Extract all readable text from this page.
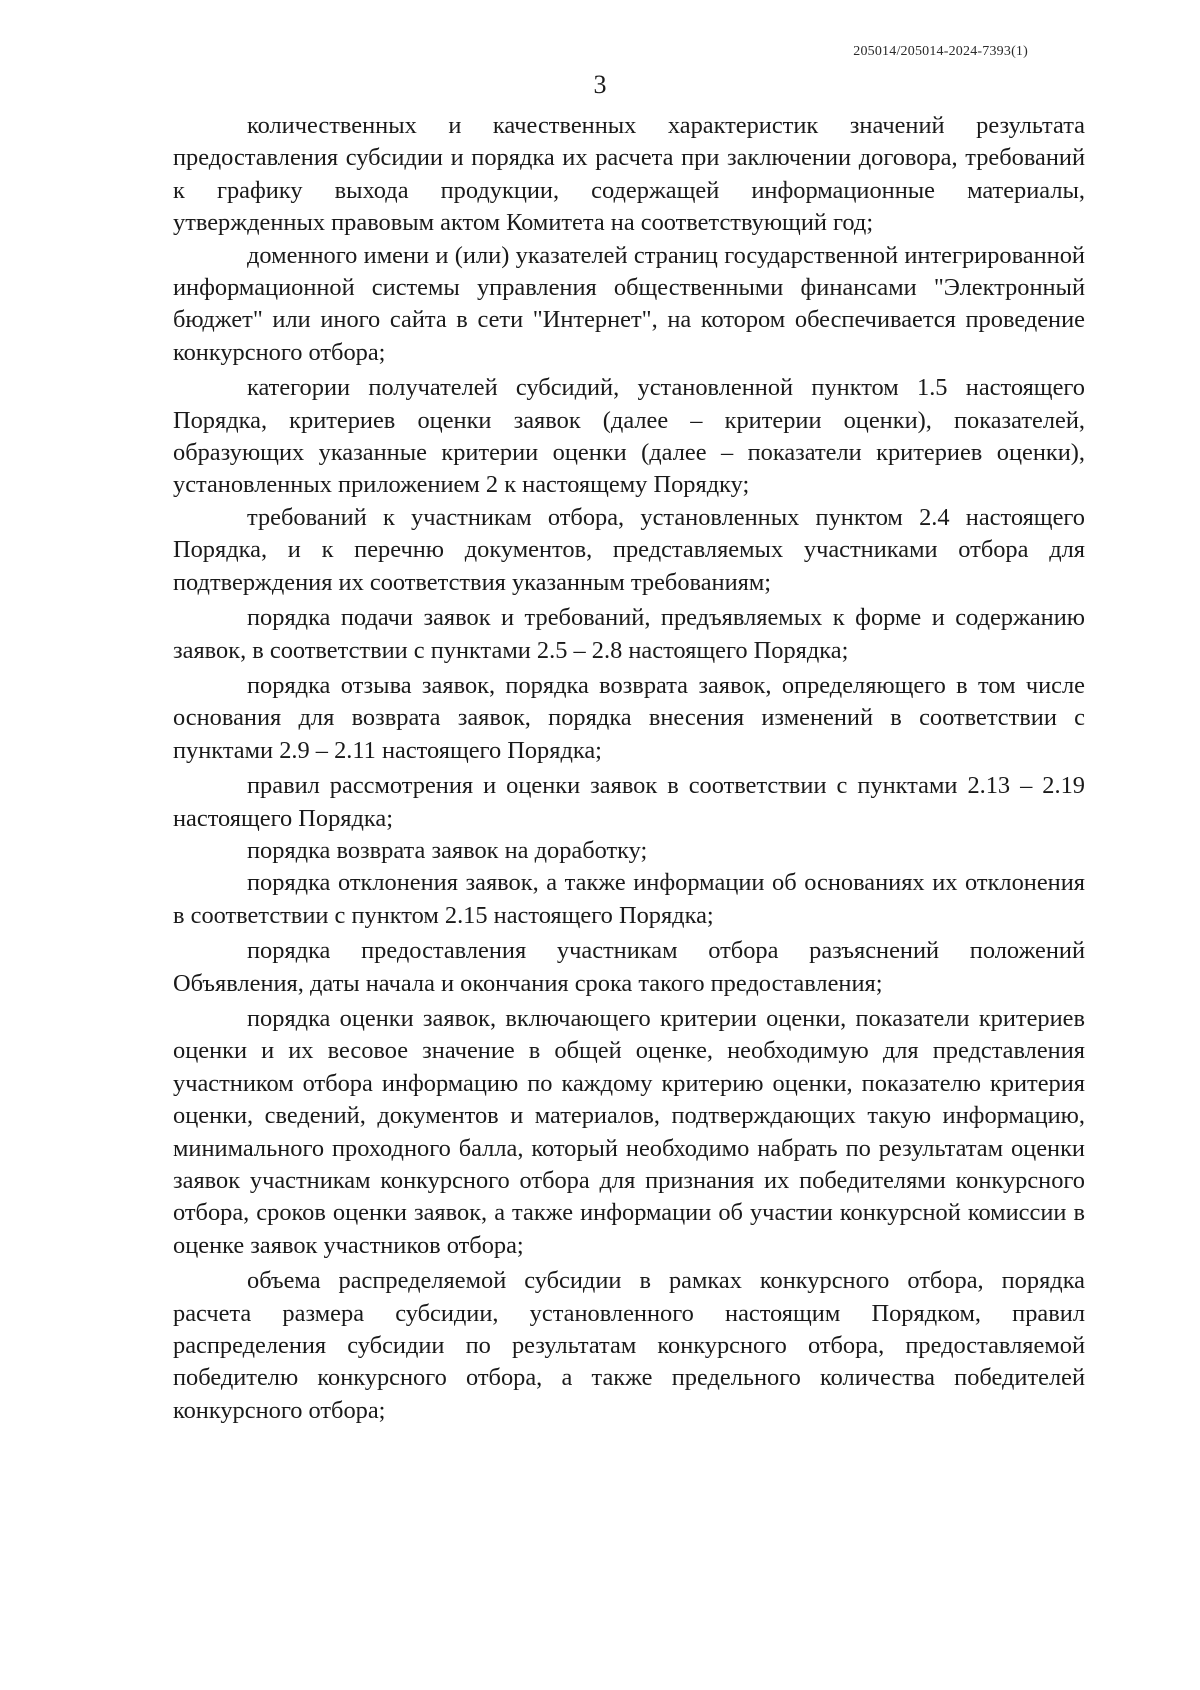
205014/205014-2024-7393(1)
3

количественных и качественных характеристик значений результата предоставления субсидии и порядка их расчета при заключении договора, требований к графику выхода продукции, содержащей информационные материалы, утвержденных правовым актом Комитета на соответствующий год;

доменного имени и (или) указателей страниц государственной интегрированной информационной системы управления общественными финансами "Электронный бюджет" или иного сайта в сети "Интернет", на котором обеспечивается проведение конкурсного отбора;

категории получателей субсидий, установленной пунктом 1.5 настоящего Порядка, критериев оценки заявок (далее – критерии оценки), показателей, образующих указанные критерии оценки (далее – показатели критериев оценки), установленных приложением 2 к настоящему Порядку;

требований к участникам отбора, установленных пунктом 2.4 настоящего Порядка, и к перечню документов, представляемых участниками отбора для подтверждения их соответствия указанным требованиям;

порядка подачи заявок и требований, предъявляемых к форме и содержанию заявок, в соответствии с пунктами 2.5 – 2.8 настоящего Порядка;

порядка отзыва заявок, порядка возврата заявок, определяющего в том числе основания для возврата заявок, порядка внесения изменений в соответствии с пунктами 2.9 – 2.11 настоящего Порядка;

правил рассмотрения и оценки заявок в соответствии с пунктами 2.13 – 2.19 настоящего Порядка;

порядка возврата заявок на доработку;

порядка отклонения заявок, а также информации об основаниях их отклонения в соответствии с пунктом 2.15 настоящего Порядка;

порядка предоставления участникам отбора разъяснений положений Объявления, даты начала и окончания срока такого предоставления;

порядка оценки заявок, включающего критерии оценки, показатели критериев оценки и их весовое значение в общей оценке, необходимую для представления участником отбора информацию по каждому критерию оценки, показателю критерия оценки, сведений, документов и материалов, подтверждающих такую информацию, минимального проходного балла, который необходимо набрать по результатам оценки заявок участникам конкурсного отбора для признания их победителями конкурсного отбора, сроков оценки заявок, а также информации об участии конкурсной комиссии в оценке заявок участников отбора;

объема распределяемой субсидии в рамках конкурсного отбора, порядка расчета размера субсидии, установленного настоящим Порядком, правил распределения субсидии по результатам конкурсного отбора, предоставляемой победителю конкурсного отбора, а также предельного количества победителей конкурсного отбора;
